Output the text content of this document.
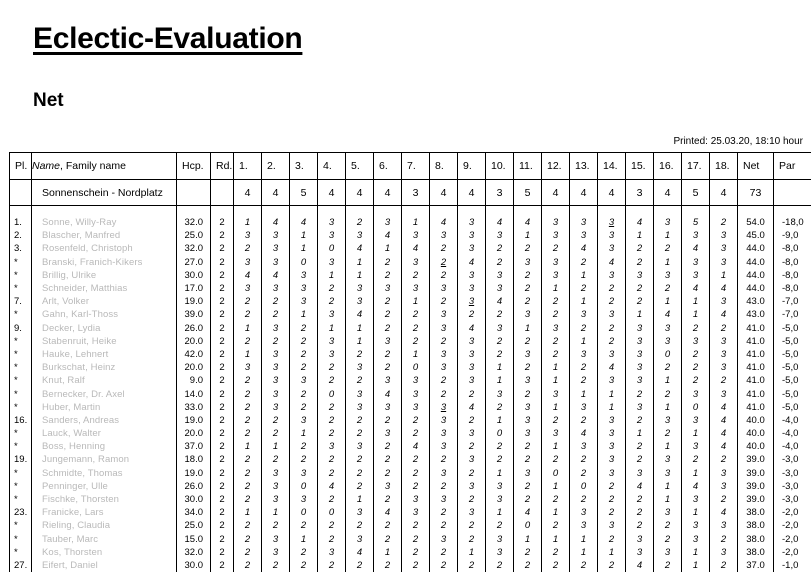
Eclectic-Evaluation
Net
Printed: 25.03.20, 18:10 hour
Pl.	Name, Family name	Hcp.	Rd.	1.	2.	3.	4.	5.	6.	7.	8.	9.	10.	11.	12.	13.	14.	15.	16.	17.	18.	Net	Par		
	Sonnenschein - Nordplatz			4	4	5	4	4	4	3	4	4	3	5	4	4	4	3	4	5	4	73			

1.	Sonne, Willy-Ray	32.0	2	1	4	4	3	2	3	1	4	3	4	4	3	3	3	4	3	5	2	54.0	-18,0		
2.	Blascher, Manfred	25.0	2	3	3	1	3	3	4	3	3	3	3	1	3	3	3	1	1	3	3	45.0	-9,0		
3.	Rosenfeld, Christoph	32.0	2	2	3	1	0	4	1	4	2	3	2	2	2	4	3	2	2	4	3	44.0	-8,0		
*	Branski, Franich-Kikers	27.0	2	3	3	0	3	1	2	3	2	4	2	3	3	2	4	2	1	3	3	44.0	-8,0		
*	Brillig, Ulrike	30.0	2	4	4	3	1	1	2	2	2	3	3	2	3	1	3	3	3	3	1	44.0	-8,0		
*	Schneider, Matthias	17.0	2	3	3	3	2	3	3	3	3	3	3	2	1	2	2	2	2	4	4	44.0	-8,0		
7.	Arlt, Volker	19.0	2	2	2	3	2	3	2	1	2	3	4	2	2	1	2	2	1	1	3	43.0	-7,0		
*	Gahn, Karl-Thoss	39.0	2	2	2	1	3	4	2	2	3	2	2	3	2	3	3	1	4	1	4	43.0	-7,0		
9.	Decker, Lydia	26.0	2	1	3	2	1	1	2	2	3	4	3	1	3	2	2	3	3	2	2	41.0	-5,0		
*	Stabenruit, Heike	20.0	2	2	2	2	3	1	3	2	2	3	2	2	2	1	2	3	3	3	3	41.0	-5,0		
*	Hauke, Lehnert	42.0	2	1	3	2	3	2	2	1	3	3	2	3	2	3	3	3	0	2	3	41.0	-5,0		
*	Burkschat, Heinz	20.0	2	3	3	2	2	3	2	0	3	3	1	2	1	2	4	3	2	2	3	41.0	-5,0		
*	Knut, Ralf	9.0	2	2	3	3	2	2	3	3	2	3	1	3	1	2	3	3	1	2	2	41.0	-5,0		
*	Bernecker, Dr. Axel	14.0	2	2	3	2	0	3	4	3	2	2	3	2	3	1	1	2	2	3	3	41.0	-5,0		
*	Huber, Martin	33.0	2	2	3	2	2	3	3	3	3	4	2	3	1	3	1	3	1	0	4	41.0	-5,0		
16.	Sanders, Andreas	19.0	2	2	2	3	2	2	2	2	3	2	1	3	2	2	3	2	3	3	4	40.0	-4,0		
*	Lauck, Walter	20.0	2	2	2	1	2	2	3	2	3	3	0	3	3	4	3	1	2	1	4	40.0	-4,0		
*	Boss, Henning	37.0	2	1	1	2	3	3	2	4	3	2	2	2	1	3	3	2	1	3	4	40.0	-4,0		
19.	Jungemann, Ramon	18.0	2	2	2	2	2	2	2	2	2	3	2	2	2	2	3	2	3	2	2	39.0	-3,0		
*	Schmidte, Thomas	19.0	2	2	3	3	2	2	2	2	3	2	1	3	0	2	3	3	3	1	3	39.0	-3,0		
*	Penninger, Ulle	26.0	2	2	3	0	4	2	3	2	2	3	3	2	1	0	2	4	1	4	3	39.0	-3,0		
*	Fischke, Thorsten	30.0	2	2	3	3	2	1	2	3	3	2	3	2	2	2	2	2	1	3	2	39.0	-3,0		
23.	Franicke, Lars	34.0	2	1	1	0	0	3	4	3	2	3	1	4	1	3	2	2	3	1	4	38.0	-2,0		
*	Rieling, Claudia	25.0	2	2	2	2	2	2	2	2	2	2	2	0	2	3	3	2	2	3	3	38.0	-2,0		
*	Tauber, Marc	15.0	2	2	3	1	2	3	2	2	3	2	3	1	1	1	2	3	2	3	2	38.0	-2,0		
*	Kos, Thorsten	32.0	2	2	3	2	3	4	1	2	2	1	3	2	2	1	1	3	3	1	3	38.0	-2,0		
27.	Eifert, Daniel	30.0	2	2	2	2	2	2	2	2	2	2	2	2	2	2	2	4	2	1	2	37.0	-1,0		
